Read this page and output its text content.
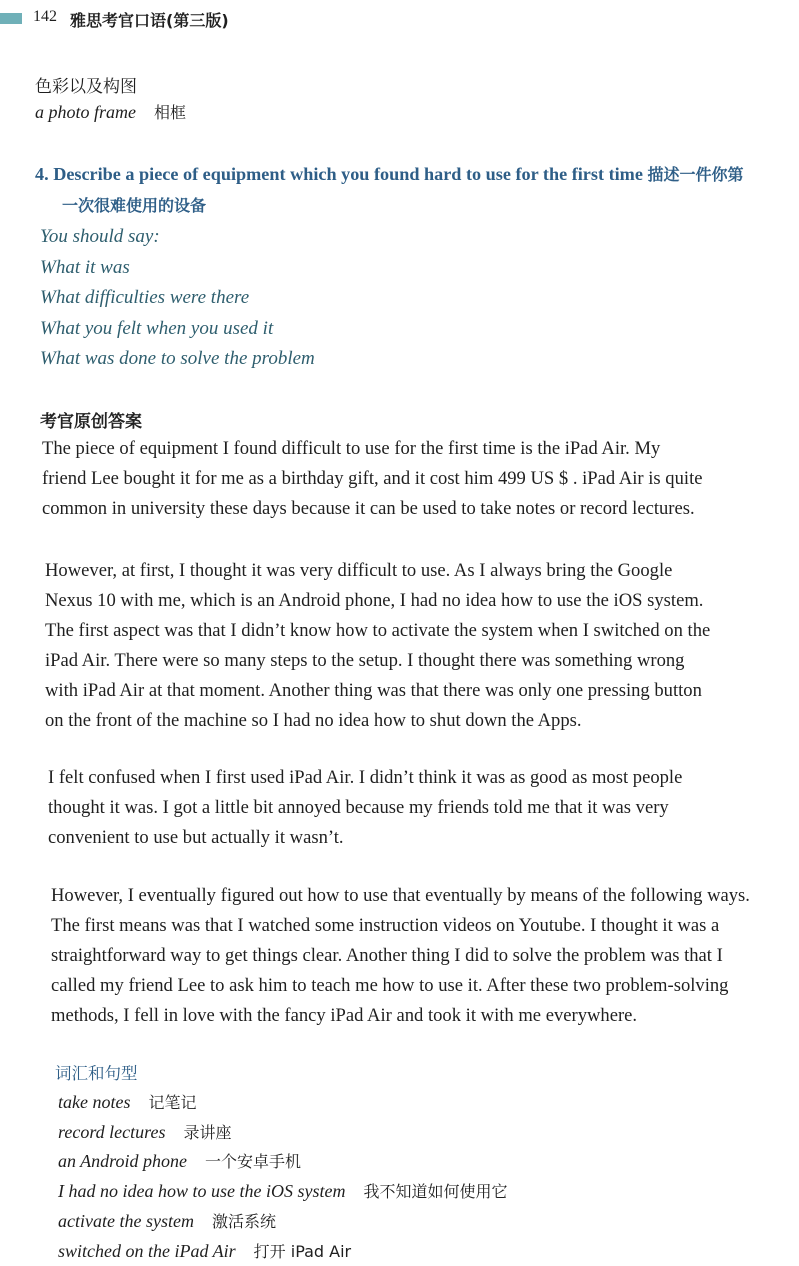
142 雅思考官口语(第三版)
色彩以及构图
a photo frame 相框
4. Describe a piece of equipment which you found hard to use for the first time 描述一件你第
一次很难使用的设备
You should say:
What it was
What difficulties were there
What you felt when you used it
What was done to solve the problem
考官原创答案
The piece of equipment I found difficult to use for the first time is the iPad Air. My
friend Lee bought it for me as a birthday gift, and it cost him 499 US $ . iPad Air is quite
common in university these days because it can be used to take notes or record lectures.
However, at first, I thought it was very difficult to use. As I always bring the Google
Nexus 10 with me, which is an Android phone, I had no idea how to use the iOS system.
The first aspect was that I didn’t know how to activate the system when I switched on the
iPad Air. There were so many steps to the setup. I thought there was something wrong
with iPad Air at that moment. Another thing was that there was only one pressing button
on the front of the machine so I had no idea how to shut down the Apps.
I felt confused when I first used iPad Air. I didn’t think it was as good as most people
thought it was. I got a little bit annoyed because my friends told me that it was very
convenient to use but actually it wasn’t.
However, I eventually figured out how to use that eventually by means of the following ways.
The first means was that I watched some instruction videos on Youtube. I thought it was a
straightforward way to get things clear. Another thing I did to solve the problem was that I
called my friend Lee to ask him to teach me how to use it. After these two problem-solving
methods, I fell in love with the fancy iPad Air and took it with me everywhere.
词汇和句型
take notes 记笔记
record lectures 录讲座
an Android phone 一个安卓手机
I had no idea how to use the iOS system 我不知道如何使用它
activate the system 激活系统
switched on the iPad Air 打开 iPad Air
